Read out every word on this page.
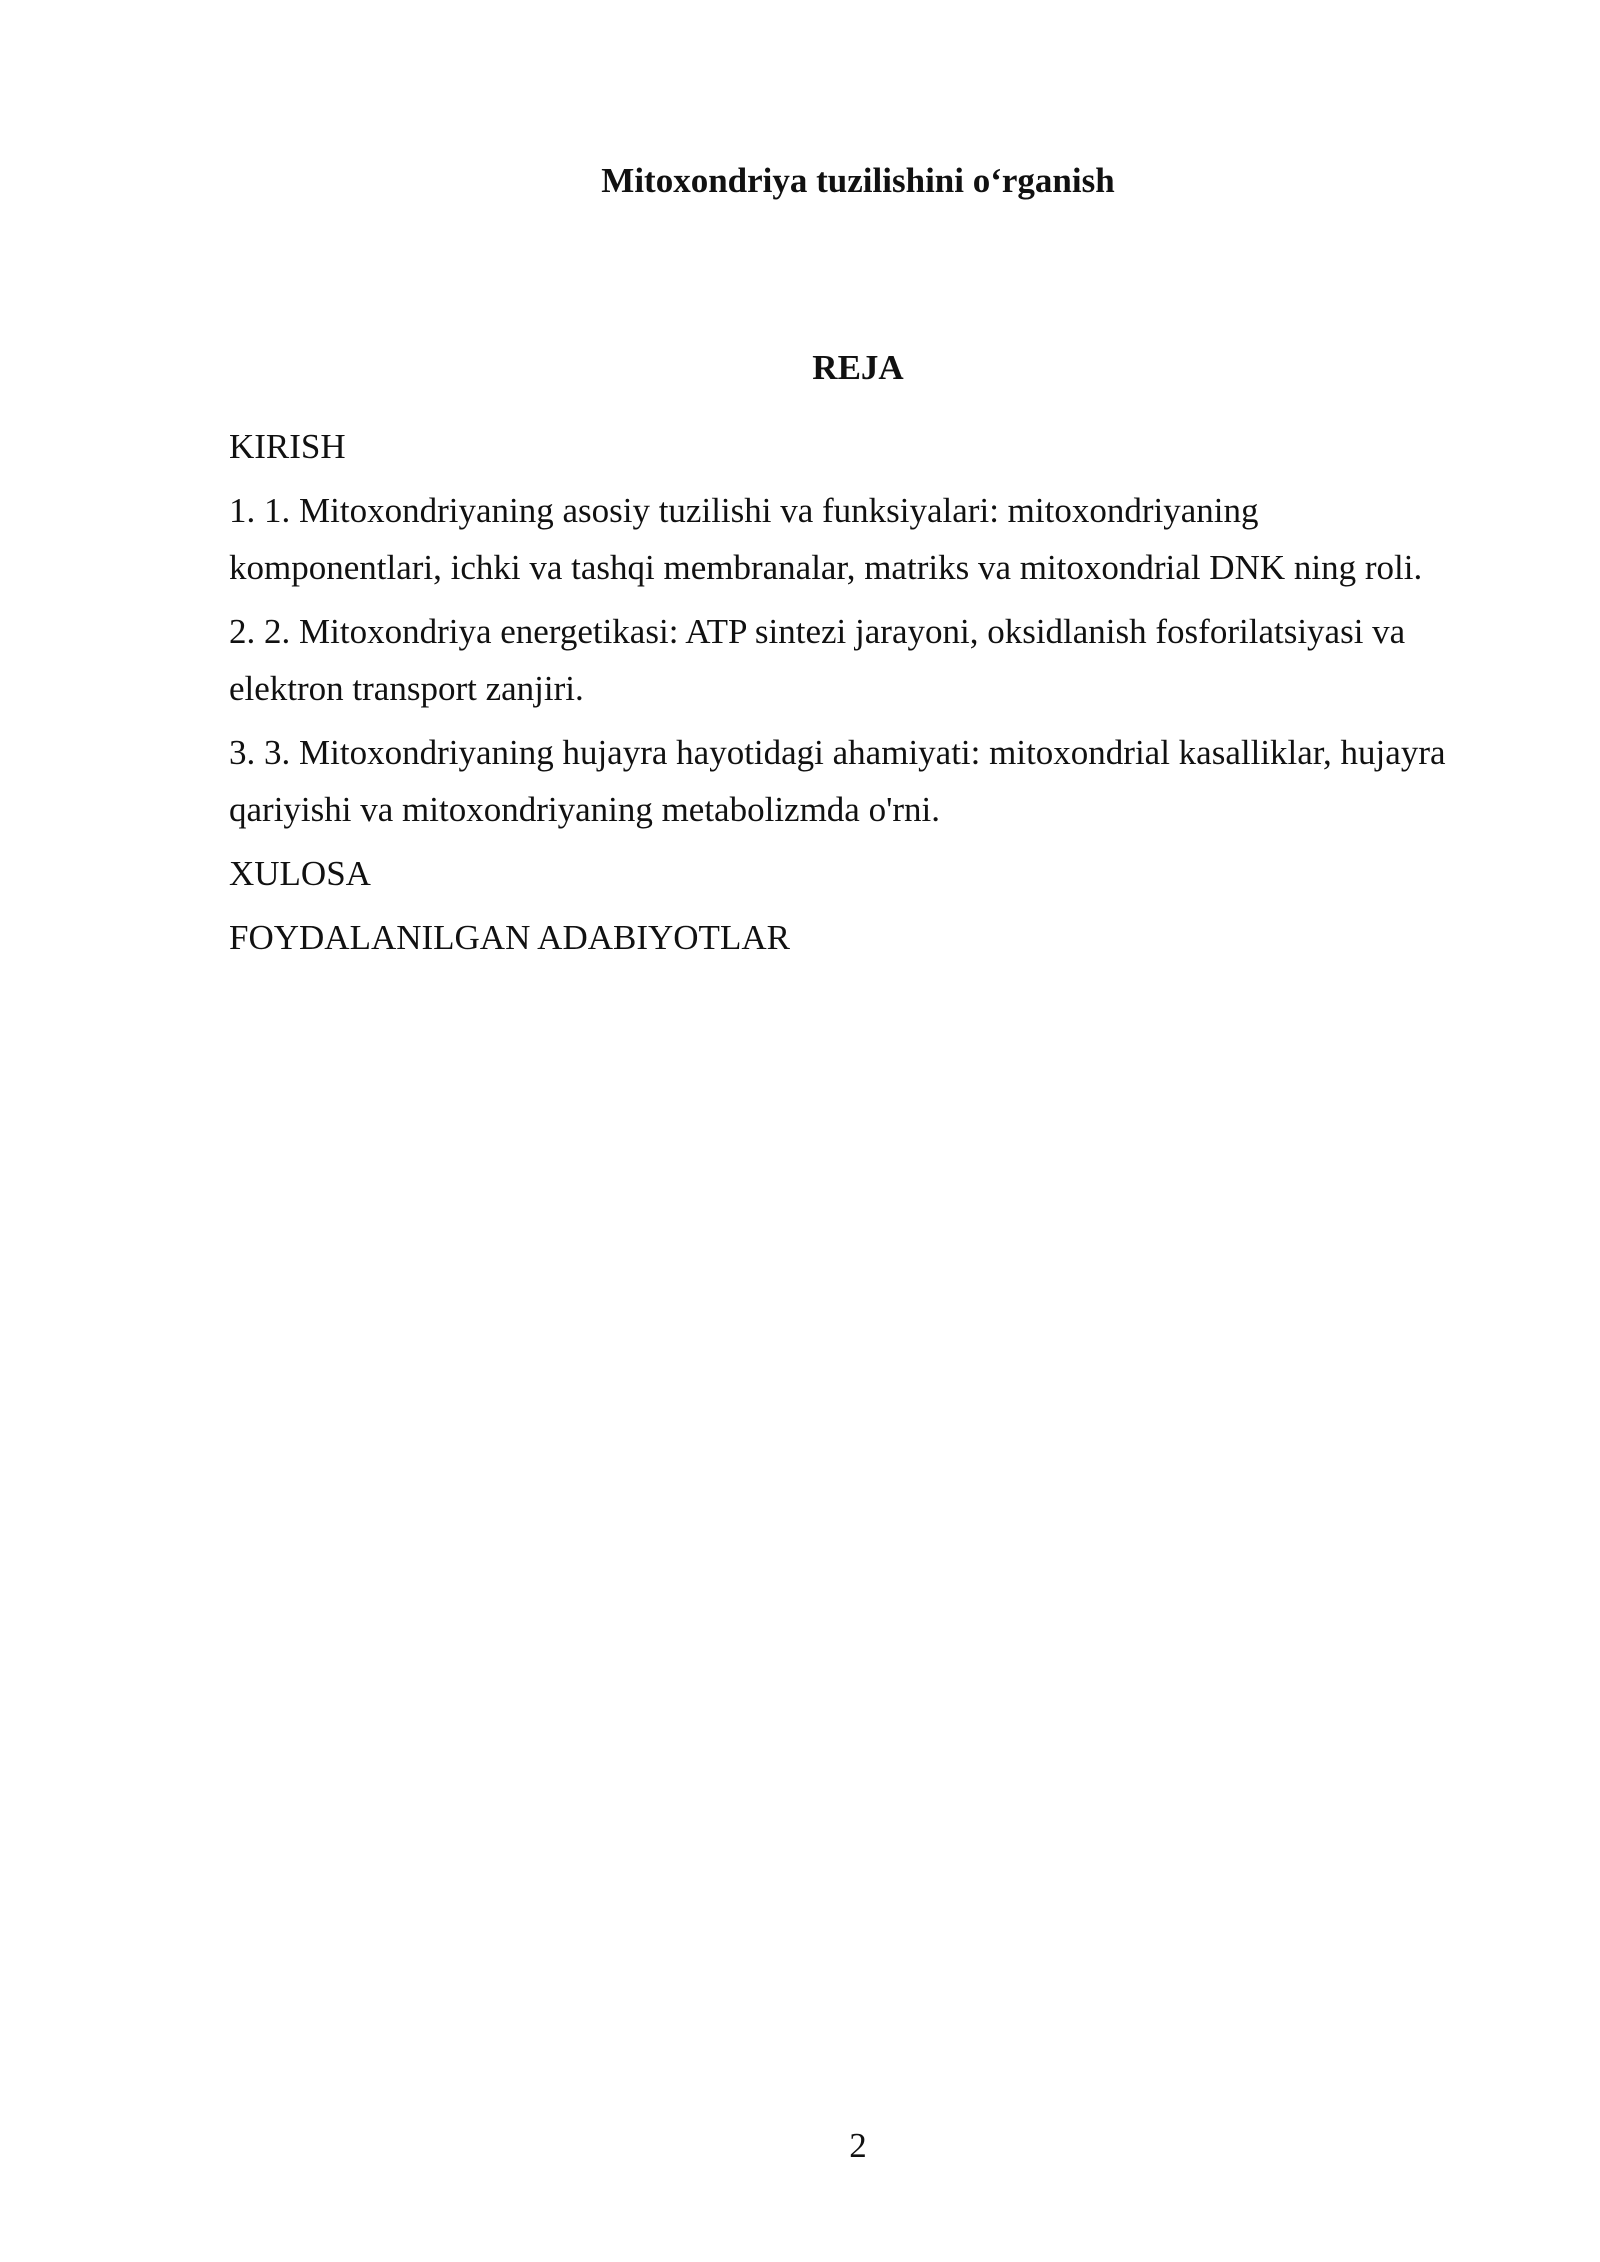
Mitoxondriya tuzilishini o‘rganish
REJA
KIRISH
1. 1. Mitoxondriyaning asosiy tuzilishi va funksiyalari: mitoxondriyaning komponentlari, ichki va tashqi membranalar, matriks va mitoxondrial DNK ning roli.
2. 2. Mitoxondriya energetikasi: ATP sintezi jarayoni, oksidlanish fosforilatsiyasi va elektron transport zanjiri.
3. 3. Mitoxondriyaning hujayra hayotidagi ahamiyati: mitoxondrial kasalliklar, hujayra qariyishi va mitoxondriyaning metabolizmda o'rni.
XULOSA
FOYDALANILGAN ADABIYOTLAR
2
